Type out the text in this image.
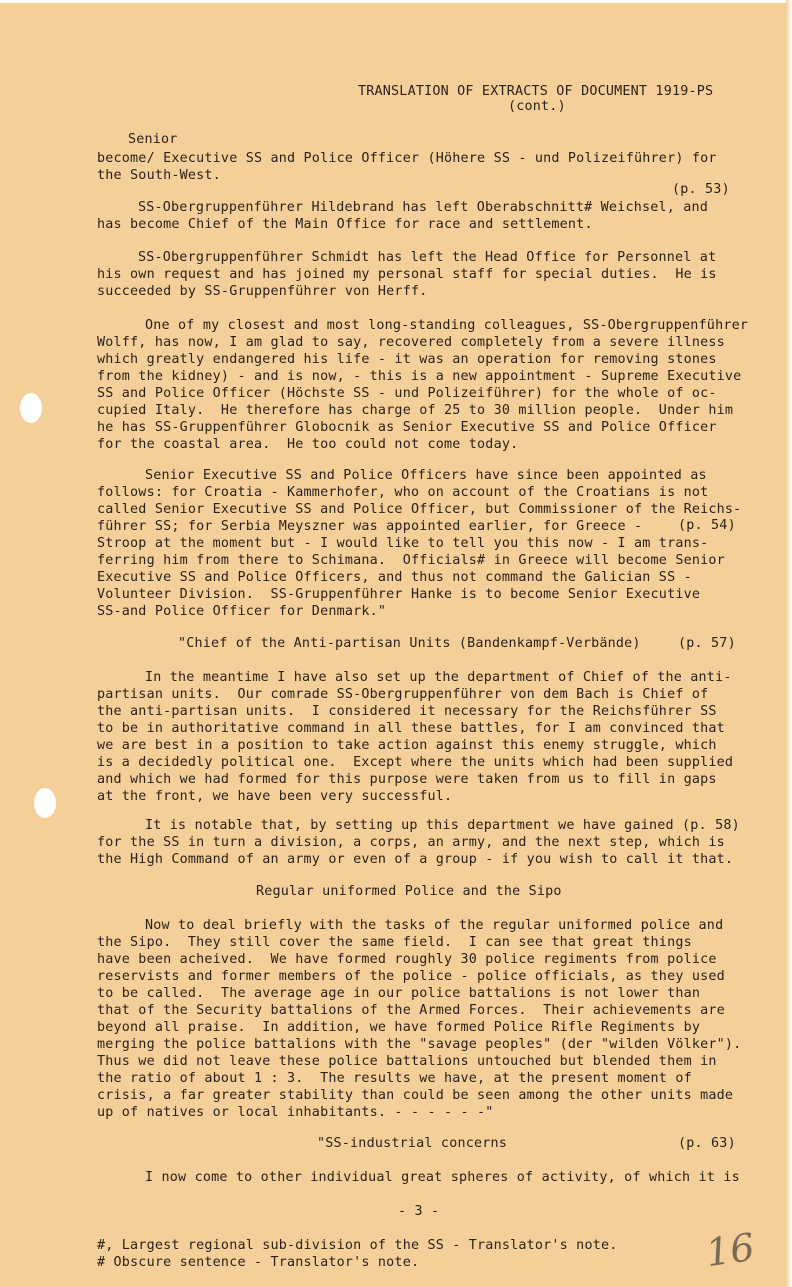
TRANSLATION OF EXTRACTS OF DOCUMENT 1919-PS
(cont.)
Senior
become/ Executive SS and Police Officer (Höhere SS - und Polizeiführer) for
the South-West.
(p. 53)
SS-Obergruppenführer Hildebrand has left Oberabschnitt# Weichsel, and
has become Chief of the Main Office for race and settlement.
SS-Obergruppenführer Schmidt has left the Head Office for Personnel at
his own request and has joined my personal staff for special duties.  He is
succeeded by SS-Gruppenführer von Herff.
One of my closest and most long-standing colleagues, SS-Obergruppenführer
Wolff, has now, I am glad to say, recovered completely from a severe illness
which greatly endangered his life - it was an operation for removing stones
from the kidney) - and is now, - this is a new appointment - Supreme Executive
SS and Police Officer (Höchste SS - und Polizeiführer) for the whole of oc-
cupied Italy.  He therefore has charge of 25 to 30 million people.  Under him
he has SS-Gruppenführer Globocnik as Senior Executive SS and Police Officer
for the coastal area.  He too could not come today.
Senior Executive SS and Police Officers have since been appointed as
follows: for Croatia - Kammerhofer, who on account of the Croatians is not
called Senior Executive SS and Police Officer, but Commissioner of the Reichs-
führer SS; for Serbia Meyszner was appointed earlier, for Greece -	(p. 54)
Stroop at the moment but - I would like to tell you this now - I am trans-
ferring him from there to Schimana.  Officials# in Greece will become Senior
Executive SS and Police Officers, and thus not command the Galician SS -
Volunteer Division.  SS-Gruppenführer Hanke is to become Senior Executive
SS-and Police Officer for Denmark."
"Chief of the Anti-partisan Units (Bandenkampf-Verbände)	(p. 57)
In the meantime I have also set up the department of Chief of the anti-
partisan units.  Our comrade SS-Obergruppenführer von dem Bach is Chief of
the anti-partisan units.  I considered it necessary for the Reichsführer SS
to be in authoritative command in all these battles, for I am convinced that
we are best in a position to take action against this enemy struggle, which
is a decidedly political one.  Except where the units which had been supplied
and which we had formed for this purpose were taken from us to fill in gaps
at the front, we have been very successful.
It is notable that, by setting up this department we have gained (p. 58)
for the SS in turn a division, a corps, an army, and the next step, which is
the High Command of an army or even of a group - if you wish to call it that.
Regular uniformed Police and the Sipo
Now to deal briefly with the tasks of the regular uniformed police and
the Sipo.  They still cover the same field.  I can see that great things
have been acheived.  We have formed roughly 30 police regiments from police
reservists and former members of the police - police officials, as they used
to be called.  The average age in our police battalions is not lower than
that of the Security battalions of the Armed Forces.  Their achievements are
beyond all praise.  In addition, we have formed Police Rifle Regiments by
merging the police battalions with the "savage peoples" (der "wilden Völker").
Thus we did not leave these police battalions untouched but blended them in
the ratio of about 1 : 3.  The results we have, at the present moment of
crisis, a far greater stability than could be seen among the other units made
up of natives or local inhabitants. - - - - - -"
"SS-industrial concerns	(p. 63)
I now come to other individual great spheres of activity, of which it is
- 3 -
#, Largest regional sub-division of the SS - Translator's note.
# Obscure sentence - Translator's note.	16
